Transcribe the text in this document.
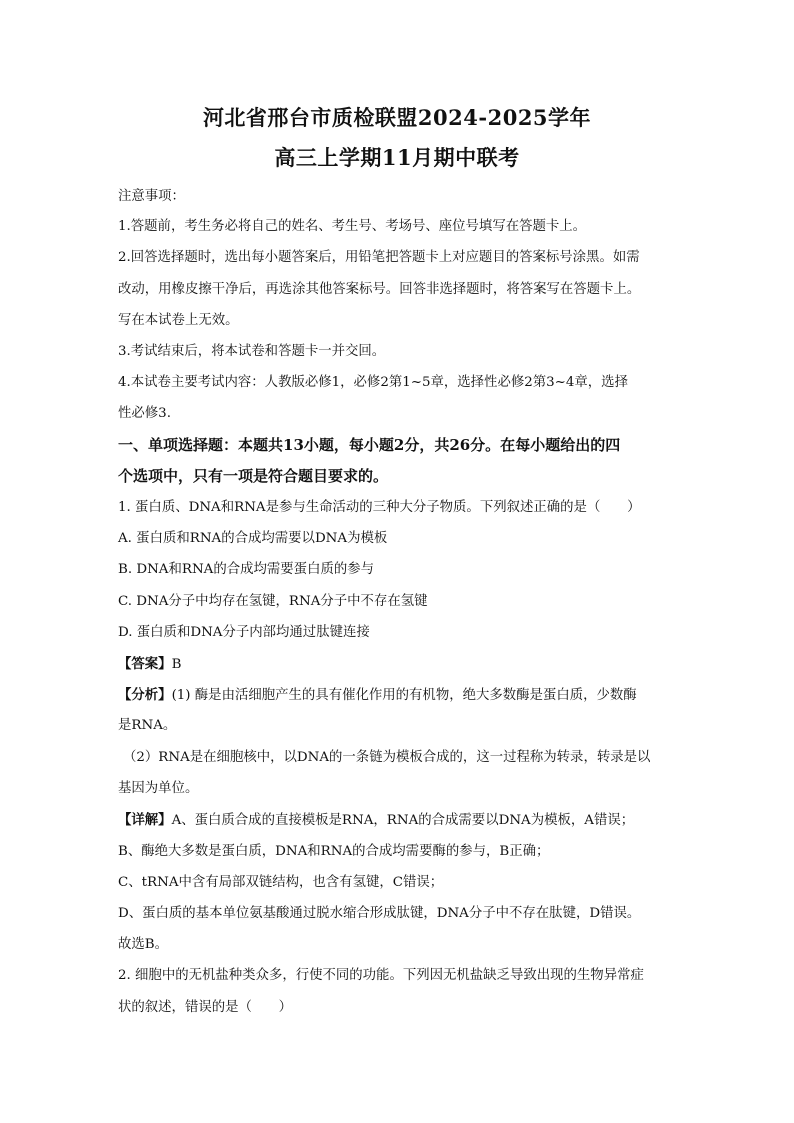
河北省邢台市质检联盟2024-2025学年
高三上学期11月期中联考
注意事项：
1.答题前，考生务必将自己的姓名、考生号、考场号、座位号填写在答题卡上。
2.回答选择题时，选出每小题答案后，用铅笔把答题卡上对应题目的答案标号涂黑。如需
改动，用橡皮擦干净后，再选涂其他答案标号。回答非选择题时，将答案写在答题卡上。
写在本试卷上无效。
3.考试结束后，将本试卷和答题卡一并交回。
4.本试卷主要考试内容：人教版必修1，必修2第1~5章，选择性必修2第3~4章，选择
性必修3.
一、单项选择题：本题共13小题，每小题2分，共26分。在每小题给出的四
个选项中，只有一项是符合题目要求的。
1. 蛋白质、DNA和RNA是参与生命活动的三种大分子物质。下列叙述正确的是（　　）
A. 蛋白质和RNA的合成均需要以DNA为模板
B. DNA和RNA的合成均需要蛋白质的参与
C. DNA分子中均存在氢键，RNA分子中不存在氢键
D. 蛋白质和DNA分子内部均通过肽键连接
【答案】B
【分析】(1) 酶是由活细胞产生的具有催化作用的有机物，绝大多数酶是蛋白质，少数酶
是RNA。
（2）RNA是在细胞核中，以DNA的一条链为模板合成的，这一过程称为转录，转录是以
基因为单位。
【详解】A、蛋白质合成的直接模板是RNA，RNA的合成需要以DNA为模板，A错误；
B、酶绝大多数是蛋白质，DNA和RNA的合成均需要酶的参与，B正确；
C、tRNA中含有局部双链结构，也含有氢键，C错误；
D、蛋白质的基本单位氨基酸通过脱水缩合形成肽键，DNA分子中不存在肽键，D错误。
故选B。
2. 细胞中的无机盐种类众多，行使不同的功能。下列因无机盐缺乏导致出现的生物异常症
状的叙述，错误的是（　　）
